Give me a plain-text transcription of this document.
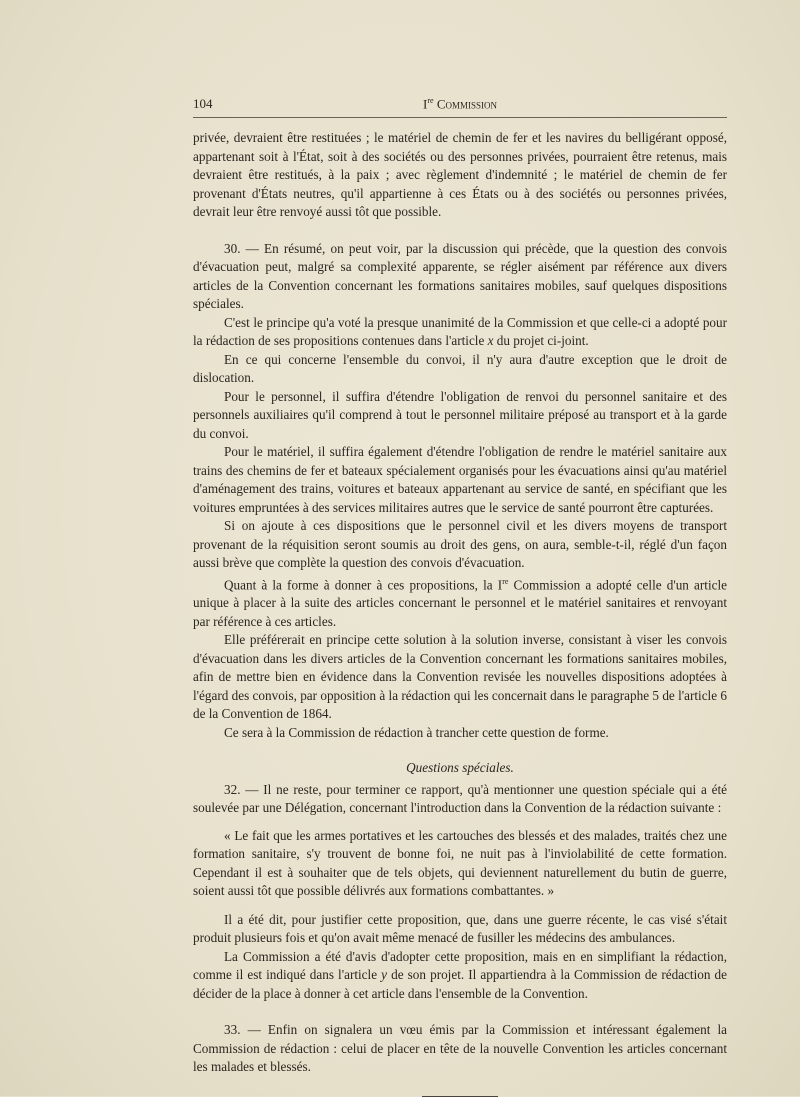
104	Ire Commission

privée, devraient être restituées ; le matériel de chemin de fer et les navires du belligérant opposé, appartenant soit à l'État, soit à des sociétés ou des personnes privées, pourraient être retenus, mais devraient être restitués, à la paix ; avec règlement d'indemnité ; le matériel de chemin de fer provenant d'États neutres, qu'il appartienne à ces États ou à des sociétés ou personnes privées, devrait leur être renvoyé aussi tôt que possible.

30. — En résumé, on peut voir, par la discussion qui précède, que la question des convois d'évacuation peut, malgré sa complexité apparente, se régler aisément par référence aux divers articles de la Convention concernant les formations sanitaires mobiles, sauf quelques dispositions spéciales.

C'est le principe qu'a voté la presque unanimité de la Commission et que celle-ci a adopté pour la rédaction de ses propositions contenues dans l'article x du projet ci-joint.

En ce qui concerne l'ensemble du convoi, il n'y aura d'autre exception que le droit de dislocation.

Pour le personnel, il suffira d'étendre l'obligation de renvoi du personnel sanitaire et des personnels auxiliaires qu'il comprend à tout le personnel militaire préposé au transport et à la garde du convoi.

Pour le matériel, il suffira également d'étendre l'obligation de rendre le matériel sanitaire aux trains des chemins de fer et bateaux spécialement organisés pour les évacuations ainsi qu'au matériel d'aménagement des trains, voitures et bateaux appartenant au service de santé, en spécifiant que les voitures empruntées à des services militaires autres que le service de santé pourront être capturées.

Si on ajoute à ces dispositions que le personnel civil et les divers moyens de transport provenant de la réquisition seront soumis au droit des gens, on aura, semble-t-il, réglé d'un façon aussi brève que complète la question des convois d'évacuation.

Quant à la forme à donner à ces propositions, la Ire Commission a adopté celle d'un article unique à placer à la suite des articles concernant le personnel et le matériel sanitaires et renvoyant par référence à ces articles.

Elle préférerait en principe cette solution à la solution inverse, consistant à viser les convois d'évacuation dans les divers articles de la Convention concernant les formations sanitaires mobiles, afin de mettre bien en évidence dans la Convention revisée les nouvelles dispositions adoptées à l'égard des convois, par opposition à la rédaction qui les concernait dans le paragraphe 5 de l'article 6 de la Convention de 1864.

Ce sera à la Commission de rédaction à trancher cette question de forme.

Questions spéciales.

32. — Il ne reste, pour terminer ce rapport, qu'à mentionner une question spéciale qui a été soulevée par une Délégation, concernant l'introduction dans la Convention de la rédaction suivante :

« Le fait que les armes portatives et les cartouches des blessés et des malades, traités chez une formation sanitaire, s'y trouvent de bonne foi, ne nuit pas à l'inviolabilité de cette formation. Cependant il est à souhaiter que de tels objets, qui deviennent naturellement du butin de guerre, soient aussi tôt que possible délivrés aux formations combattantes. »

Il a été dit, pour justifier cette proposition, que, dans une guerre récente, le cas visé s'était produit plusieurs fois et qu'on avait même menacé de fusiller les médecins des ambulances.

La Commission a été d'avis d'adopter cette proposition, mais en en simplifiant la rédaction, comme il est indiqué dans l'article y de son projet. Il appartiendra à la Commission de rédaction de décider de la place à donner à cet article dans l'ensemble de la Convention.

33. — Enfin on signalera un vœu émis par la Commission et intéressant également la Commission de rédaction : celui de placer en tête de la nouvelle Convention les articles concernant les malades et blessés.
